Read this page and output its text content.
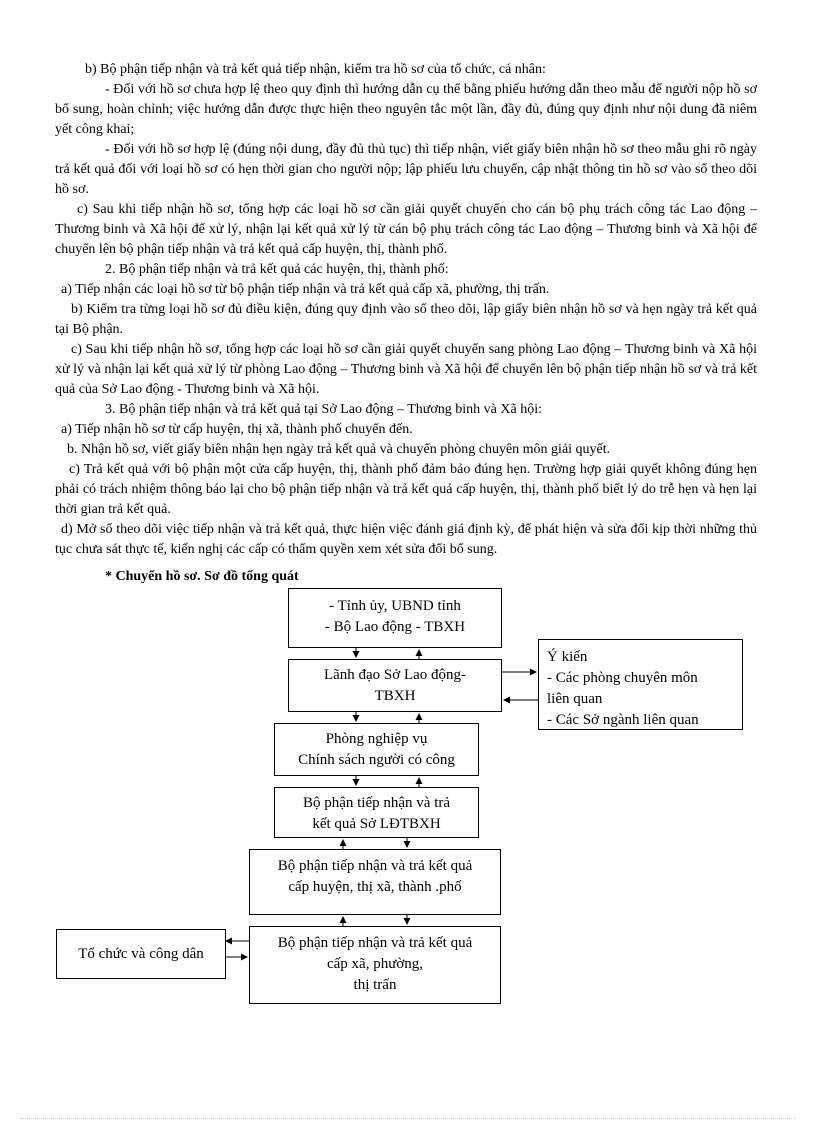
b) Bộ phận tiếp nhận và trả kết quả tiếp nhận, kiểm tra hồ sơ của tổ chức, cá nhân:

- Đối với hồ sơ chưa hợp lệ theo quy định thì hướng dẫn cụ thể bằng phiếu hướng dẫn theo mẫu để người nộp hồ sơ bổ sung, hoàn chỉnh; việc hướng dẫn được thực hiện theo nguyên tắc một lần, đầy đủ, đúng quy định như nội dung đã niêm yết công khai;

- Đối với hồ sơ hợp lệ (đúng nội dung, đầy đủ thủ tục) thì tiếp nhận, viết giấy biên nhận hồ sơ theo mẫu ghi rõ ngày trả kết quả đối với loại hồ sơ có hẹn thời gian cho người nộp; lập phiếu lưu chuyển, cập nhật thông tin hồ sơ vào sổ theo dõi hồ sơ.

c) Sau khi tiếp nhận hồ sơ, tổng hợp các loại hồ sơ cần giải quyết chuyển cho cán bộ phụ trách công tác Lao động – Thương binh và Xã hội để xử lý, nhận lại kết quả xử lý từ cán bộ phụ trách công tác Lao động – Thương binh và Xã hội để chuyển lên bộ phận tiếp nhận và trả kết quả cấp huyện, thị, thành phố.

2. Bộ phận tiếp nhận và trả kết quả các huyện, thị, thành phố:

a) Tiếp nhận các loại hồ sơ từ bộ phận tiếp nhận và trả kết quả cấp xã, phường, thị trấn.

b) Kiểm tra từng loại hồ sơ đủ điều kiện, đúng quy định vào sổ theo dõi, lập giấy biên nhận hồ sơ và hẹn ngày trả kết quả tại Bộ phận.

c) Sau khi tiếp nhận hồ sơ, tổng hợp các loại hồ sơ cần giải quyết chuyển sang phòng Lao động – Thương binh và Xã hội xử lý và nhận lại kết quả xử lý từ phòng Lao động – Thương binh và Xã hội để chuyển lên bộ phận tiếp nhận hồ sơ và trả kết quả của Sở Lao động - Thương binh và Xã hội.

3. Bộ phận tiếp nhận và trả kết quả tại Sở Lao động – Thương binh và Xã hội:

a) Tiếp nhận hồ sơ từ cấp huyện, thị xã, thành phố chuyển đến.

b. Nhận hồ sơ, viết giấy biên nhận hẹn ngày trả kết quả và chuyển phòng chuyên môn giải quyết.

c) Trả kết quả với bộ phận một cửa cấp huyện, thị, thành phố đảm bảo đúng hẹn. Trường hợp giải quyết không đúng hẹn phải có trách nhiệm thông báo lại cho bộ phận tiếp nhận và trả kết quả cấp huyện, thị, thành phố biết lý do trễ hẹn và hẹn lại thời gian trả kết quả.

d) Mở sổ theo dõi việc tiếp nhận và trả kết quả, thực hiện việc đánh giá định kỳ, để phát hiện và sửa đổi kịp thời những thủ tục chưa sát thực tế, kiến nghị các cấp có thẩm quyền xem xét sửa đổi bổ sung.

* Chuyển hồ sơ. Sơ đồ tổng quát

- Tỉnh ủy, UBND tỉnh
- Bộ Lao động - TBXH
Lãnh đạo Sở Lao động-
TBXH
Ý kiến
- Các phòng chuyên môn
liên quan
- Các Sở ngành liên quan
Phòng nghiệp vụ
Chính sách người có công
Bộ phận tiếp nhận và trả
kết quả Sở LĐTBXH
Bộ phận tiếp nhận và trả kết quả
cấp huyện, thị xã, thành .phố
Bộ phận tiếp nhận và trả kết quả
cấp xã, phường,
thị trấn
Tổ chức và công dân
